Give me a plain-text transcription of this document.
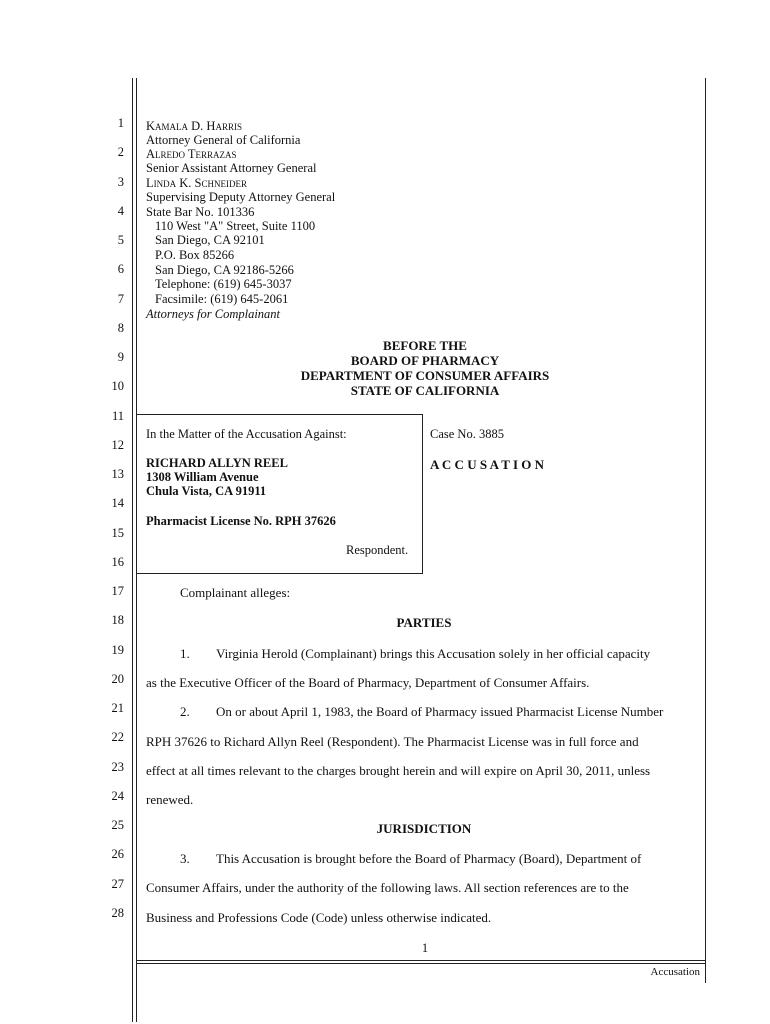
1
2
3
4
5
6
7
8
9
10
11
12
13
14
15
16
17
18
19
20
21
22
23
24
25
26
27
28
Kamala D. Harris
Attorney General of California
Alredo Terrazas
Senior Assistant Attorney General
Linda K. Schneider
Supervising Deputy Attorney General
State Bar No. 101336
110 West "A" Street, Suite 1100
San Diego, CA 92101
P.O. Box 85266
San Diego, CA 92186-5266
Telephone: (619) 645-3037
Facsimile: (619) 645-2061
Attorneys for Complainant
BEFORE THE
BOARD OF PHARMACY
DEPARTMENT OF CONSUMER AFFAIRS
STATE OF CALIFORNIA
In the Matter of the Accusation Against:
RICHARD ALLYN REEL
1308 William Avenue
Chula Vista, CA 91911
Pharmacist License No. RPH 37626
Respondent.
Case No. 3885
A C C U S A T I O N
Complainant alleges:
PARTIES
1. Virginia Herold (Complainant) brings this Accusation solely in her official capacity
as the Executive Officer of the Board of Pharmacy, Department of Consumer Affairs.
2. On or about April 1, 1983, the Board of Pharmacy issued Pharmacist License Number
RPH 37626 to Richard Allyn Reel (Respondent). The Pharmacist License was in full force and
effect at all times relevant to the charges brought herein and will expire on April 30, 2011, unless
renewed.
JURISDICTION
3. This Accusation is brought before the Board of Pharmacy (Board), Department of
Consumer Affairs, under the authority of the following laws. All section references are to the
Business and Professions Code (Code) unless otherwise indicated.
1
Accusation
